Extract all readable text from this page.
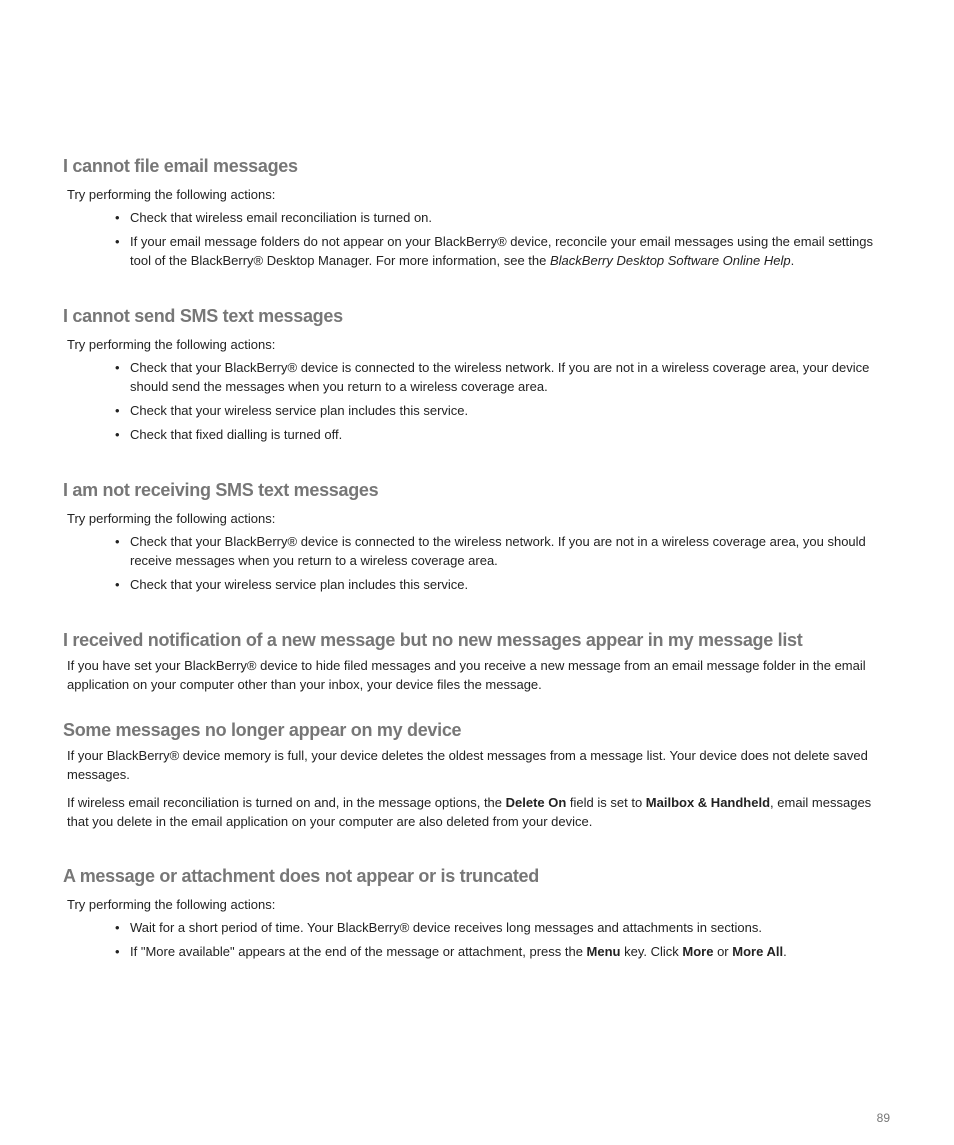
I cannot file email messages
Try performing the following actions:
• Check that wireless email reconciliation is turned on.
• If your email message folders do not appear on your BlackBerry® device, reconcile your email messages using the email settings tool of the BlackBerry® Desktop Manager. For more information, see the BlackBerry Desktop Software Online Help.
I cannot send SMS text messages
Try performing the following actions:
• Check that your BlackBerry® device is connected to the wireless network. If you are not in a wireless coverage area, your device should send the messages when you return to a wireless coverage area.
• Check that your wireless service plan includes this service.
• Check that fixed dialling is turned off.
I am not receiving SMS text messages
Try performing the following actions:
• Check that your BlackBerry® device is connected to the wireless network. If you are not in a wireless coverage area, you should receive messages when you return to a wireless coverage area.
• Check that your wireless service plan includes this service.
I received notification of a new message but no new messages appear in my message list

If you have set your BlackBerry® device to hide filed messages and you receive a new message from an email message folder in the email application on your computer other than your inbox, your device files the message.

Some messages no longer appear on my device

If your BlackBerry® device memory is full, your device deletes the oldest messages from a message list. Your device does not delete saved messages.

If wireless email reconciliation is turned on and, in the message options, the Delete On field is set to Mailbox & Handheld, email messages that you delete in the email application on your computer are also deleted from your device.

A message or attachment does not appear or is truncated
Try performing the following actions:
• Wait for a short period of time. Your BlackBerry® device receives long messages and attachments in sections.
• If "More available" appears at the end of the message or attachment, press the Menu key. Click More or More All.
89
